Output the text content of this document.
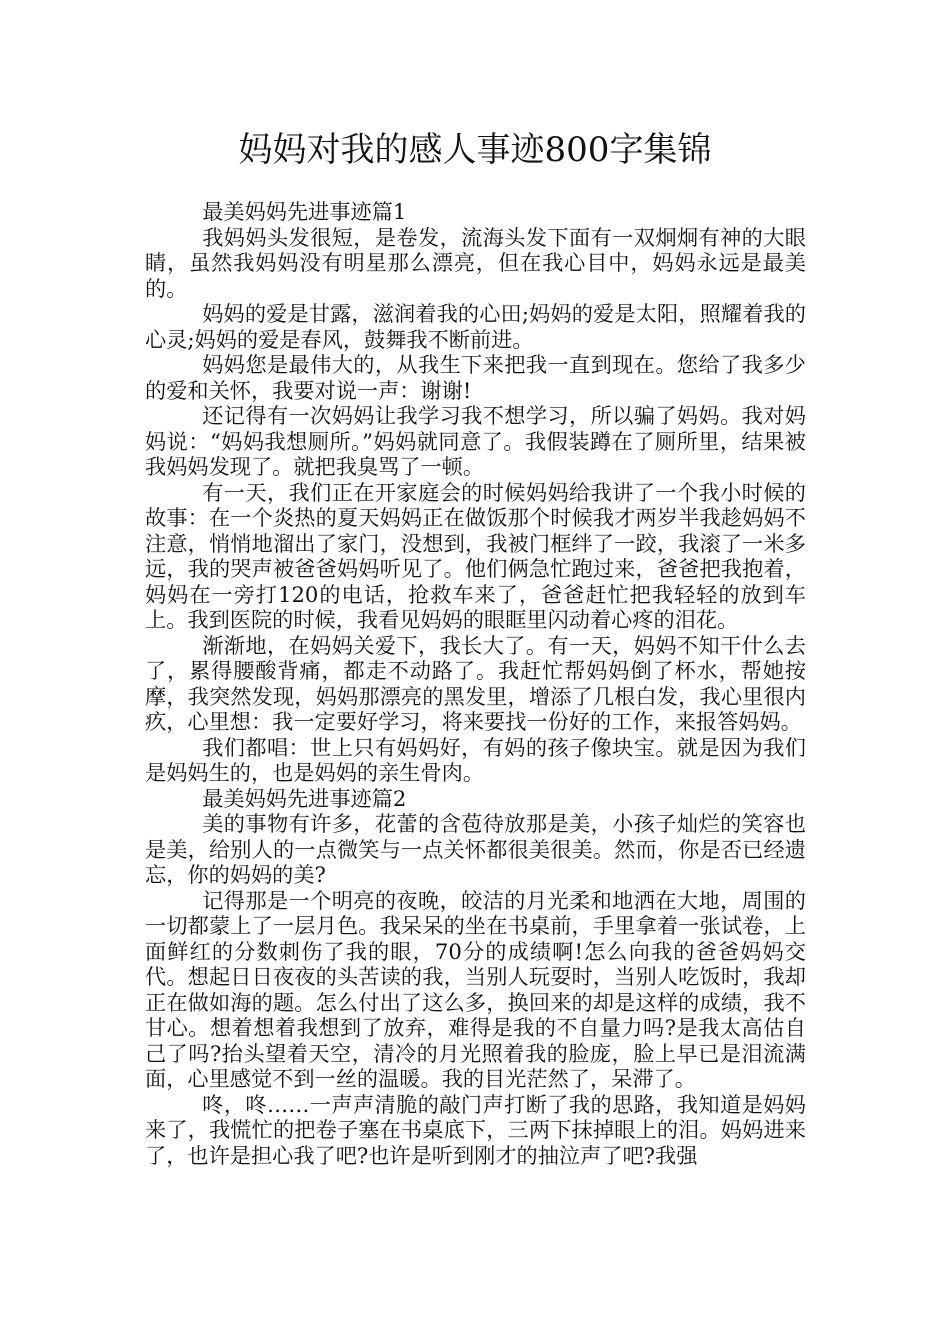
妈妈对我的感人事迹800字集锦

最美妈妈先进事迹篇1

我妈妈头发很短，是卷发，流海头发下面有一双炯炯有神的大眼睛，虽然我妈妈没有明星那么漂亮，但在我心目中，妈妈永远是最美的。

妈妈的爱是甘露，滋润着我的心田;妈妈的爱是太阳，照耀着我的心灵;妈妈的爱是春风，鼓舞我不断前进。

妈妈您是最伟大的，从我生下来把我一直到现在。您给了我多少的爱和关怀，我要对说一声：谢谢!

还记得有一次妈妈让我学习我不想学习，所以骗了妈妈。我对妈妈说：“妈妈我想厕所。”妈妈就同意了。我假装蹲在了厕所里，结果被我妈妈发现了。就把我臭骂了一顿。

有一天，我们正在开家庭会的时候妈妈给我讲了一个我小时候的故事：在一个炎热的夏天妈妈正在做饭那个时候我才两岁半我趁妈妈不注意，悄悄地溜出了家门，没想到，我被门框绊了一跤，我滚了一米多远，我的哭声被爸爸妈妈听见了。他们俩急忙跑过来，爸爸把我抱着，妈妈在一旁打120的电话，抢救车来了，爸爸赶忙把我轻轻的放到车上。我到医院的时候，我看见妈妈的眼眶里闪动着心疼的泪花。

渐渐地，在妈妈关爱下，我长大了。有一天，妈妈不知干什么去了，累得腰酸背痛，都走不动路了。我赶忙帮妈妈倒了杯水，帮她按摩，我突然发现，妈妈那漂亮的黑发里，增添了几根白发，我心里很内疚，心里想：我一定要好学习，将来要找一份好的工作，来报答妈妈。

我们都唱：世上只有妈妈好，有妈的孩子像块宝。就是因为我们是妈妈生的，也是妈妈的亲生骨肉。

最美妈妈先进事迹篇2

美的事物有许多，花蕾的含苞待放那是美，小孩子灿烂的笑容也是美，给别人的一点微笑与一点关怀都很美很美。然而，你是否已经遗忘，你的妈妈的美?

记得那是一个明亮的夜晚，皎洁的月光柔和地洒在大地，周围的一切都蒙上了一层月色。我呆呆的坐在书桌前，手里拿着一张试卷，上面鲜红的分数刺伤了我的眼，70分的成绩啊!怎么向我的爸爸妈妈交代。想起日日夜夜的头苦读的我，当别人玩耍时，当别人吃饭时，我却正在做如海的题。怎么付出了这么多，换回来的却是这样的成绩，我不甘心。想着想着我想到了放弃，难得是我的不自量力吗?是我太高估自己了吗?抬头望着天空，清冷的月光照着我的脸庞，脸上早已是泪流满面，心里感觉不到一丝的温暖。我的目光茫然了，呆滞了。

咚，咚……一声声清脆的敲门声打断了我的思路，我知道是妈妈来了，我慌忙的把卷子塞在书桌底下，三两下抹掉眼上的泪。妈妈进来了，也许是担心我了吧?也许是听到刚才的抽泣声了吧?我强
